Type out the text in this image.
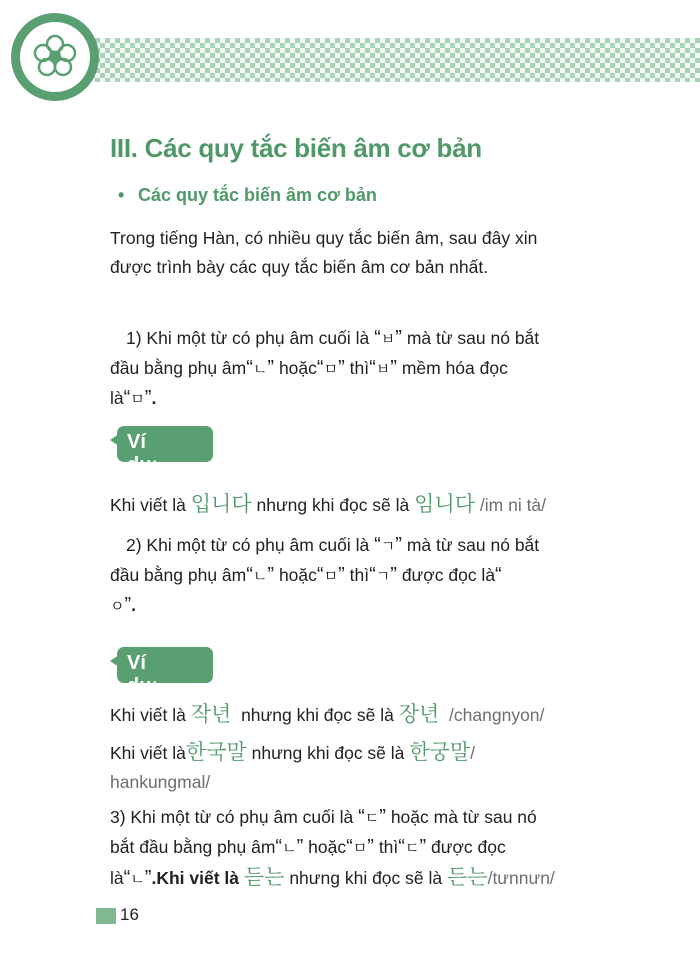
III. Các quy tắc biến âm cơ bản
• Các quy tắc biến âm cơ bản
Trong tiếng Hàn, có nhiều quy tắc biến âm, sau đây xin
được trình bày các quy tắc biến âm cơ bản nhất.
1) Khi một từ có phụ âm cuối là “ㅂ” mà từ sau nó bắt
đầu bằng phụ âm“ㄴ” hoặc“ㅁ” thì“ㅂ” mềm hóa đọc
là“ㅁ”.
Ví dụ:
Khi viết là 입니다 nhưng khi đọc sẽ là 임니다 /im ni tà/
2) Khi một từ có phụ âm cuối là “ㄱ” mà từ sau nó bắt
đầu bằng phụ âm“ㄴ” hoặc“ㅁ” thì“ㄱ” được đọc là“
ㅇ”.
Ví dụ:
Khi viết là 작년 nhưng khi đọc sẽ là 장년 /changnyon/
Khi viết là한국말 nhưng khi đọc sẽ là 한궁말/
hankungmal/
3) Khi một từ có phụ âm cuối là “ㄷ” hoặc mà từ sau nó
bắt đầu bằng phụ âm“ㄴ” hoặc“ㅁ” thì“ㄷ” được đọc
là“ㄴ”.Khi viết là 듣는 nhưng khi đọc sẽ là 든는/tưnnưn/
16
